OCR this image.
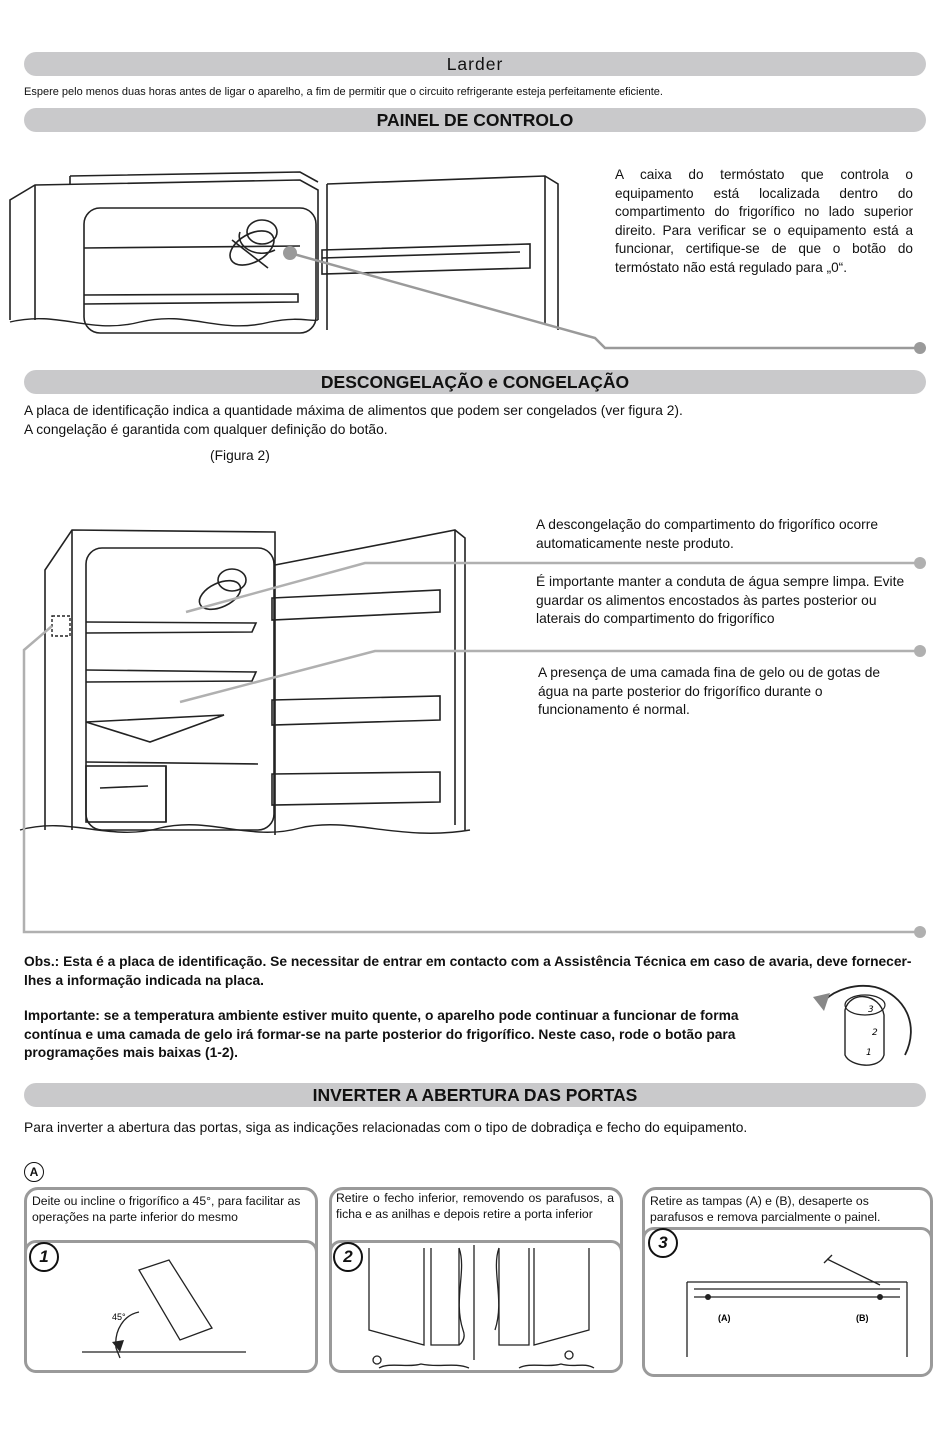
Larder
Espere pelo menos duas horas antes de ligar o aparelho, a fim de permitir que o circuito refrigerante esteja perfeitamente eficiente.
PAINEL DE CONTROLO
A caixa do termóstato que controla o equipamento está localizada dentro do compartimento do frigorífico no lado superior direito. Para verificar se o equipamento está a funcionar, certifique-se de que o botão do termóstato não está regulado para „0“.
DESCONGELAÇÃO e CONGELAÇÃO
A placa de identificação indica a quantidade máxima de alimentos que podem ser congelados (ver figura 2).
A congelação é garantida com qualquer definição do botão.
(Figura 2)
A descongelação do compartimento do frigorífico ocorre automaticamente neste produto.
É importante manter a conduta de água sempre limpa. Evite guardar os alimentos encostados às partes posterior ou laterais do compartimento do frigorífico
A presença de uma camada fina de gelo ou de gotas de água na parte posterior do frigorífico durante o funcionamento é normal.
Obs.: Esta é a placa de identificação. Se necessitar de entrar em contacto com a Assistência Técnica em caso de avaria, deve fornecer-lhes a informação indicada na placa.
Importante: se a temperatura ambiente estiver muito quente, o aparelho pode continuar a funcionar de forma contínua e uma camada de gelo irá formar-se na parte posterior do frigorífico. Neste caso, rode o botão para programações mais baixas (1-2).
3
2
1
INVERTER A ABERTURA DAS PORTAS
Para inverter a abertura das portas, siga as indicações relacionadas com o tipo de dobradiça e fecho do equipamento.
A
Deite ou incline o frigorífico a 45°, para facilitar as operações na parte inferior do mesmo
1
45°
Retire o fecho inferior, removendo os parafusos, a ficha e as anilhas e depois retire a porta inferior
2
Retire as tampas (A) e (B), desaperte os parafusos e remova parcialmente o painel.
3
(A)	(B)
